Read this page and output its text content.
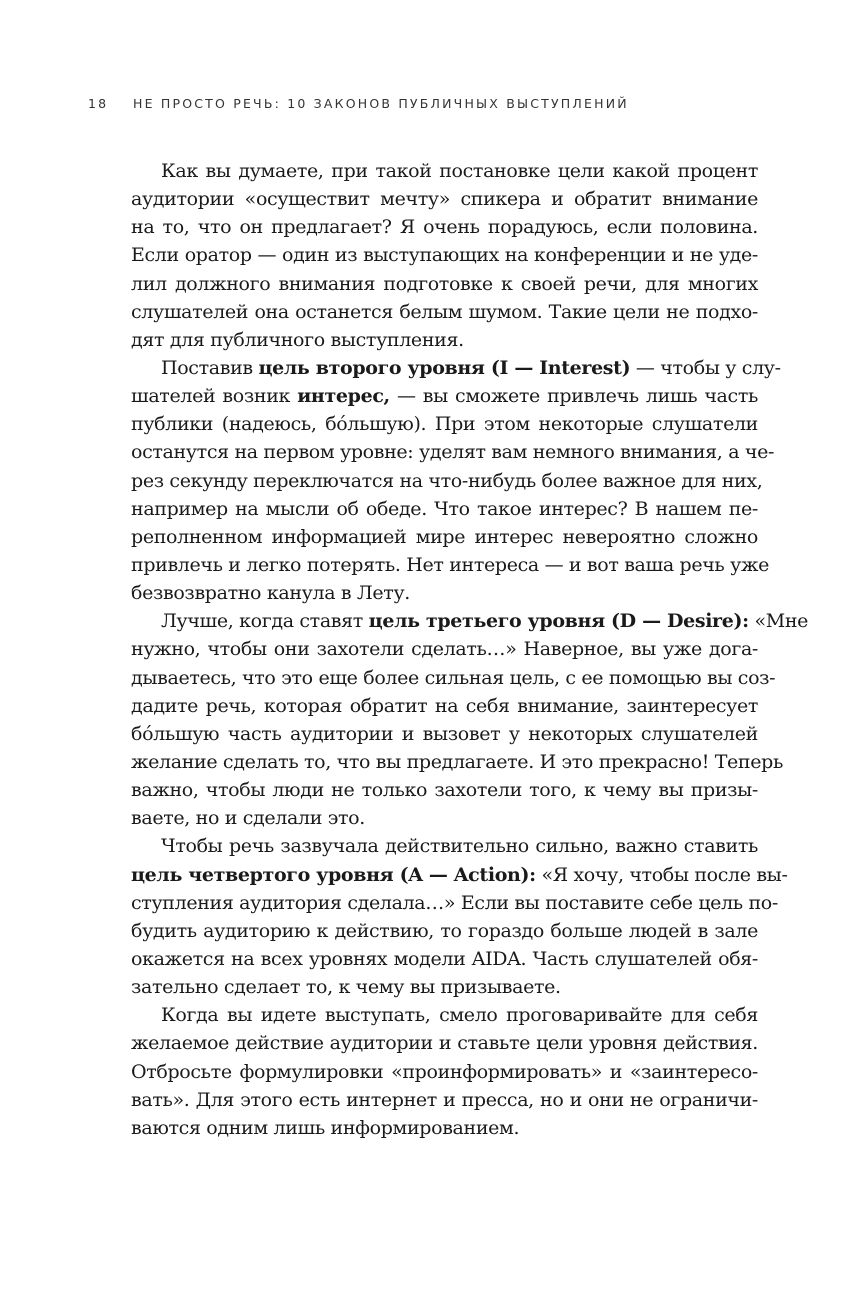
18 НЕ ПРОСТО РЕЧЬ: 10 ЗАКОНОВ ПУБЛИЧНЫХ ВЫСТУПЛЕНИЙ
Как вы думаете, при такой постановке цели какой процент
аудитории «осуществит мечту» спикера и обратит внимание
на то, что он предлагает? Я очень порадуюсь, если половина.
Если оратор — один из выступающих на конференции и не уде-
лил должного внимания подготовке к своей речи, для многих
слушателей она останется белым шумом. Такие цели не подхо-
дят для публичного выступления.
Поставив цель второго уровня (I — Interest) — чтобы у слу-
шателей возник интерес, — вы сможете привлечь лишь часть
публики (надеюсь, бóльшую). При этом некоторые слушатели
останутся на первом уровне: уделят вам немного внимания, а че-
рез секунду переключатся на что-нибудь более важное для них,
например на мысли об обеде. Что такое интерес? В нашем пе-
реполненном информацией мире интерес невероятно сложно
привлечь и легко потерять. Нет интереса — и вот ваша речь уже
безвозвратно канула в Лету.
Лучше, когда ставят цель третьего уровня (D — Desire): «Мне
нужно, чтобы они захотели сделать…» Наверное, вы уже дога-
дываетесь, что это еще более сильная цель, с ее помощью вы соз-
дадите речь, которая обратит на себя внимание, заинтересует
бóльшую часть аудитории и вызовет у некоторых слушателей
желание сделать то, что вы предлагаете. И это прекрасно! Теперь
важно, чтобы люди не только захотели того, к чему вы призы-
ваете, но и сделали это.
Чтобы речь зазвучала действительно сильно, важно ставить
цель четвертого уровня (A — Action): «Я хочу, чтобы после вы-
ступления аудитория сделала…» Если вы поставите себе цель по-
будить аудиторию к действию, то гораздо больше людей в зале
окажется на всех уровнях модели AIDA. Часть слушателей обя-
зательно сделает то, к чему вы призываете.
Когда вы идете выступать, смело проговаривайте для себя
желаемое действие аудитории и ставьте цели уровня действия.
Отбросьте формулировки «проинформировать» и «заинтересо-
вать». Для этого есть интернет и пресса, но и они не ограничи-
ваются одним лишь информированием.
